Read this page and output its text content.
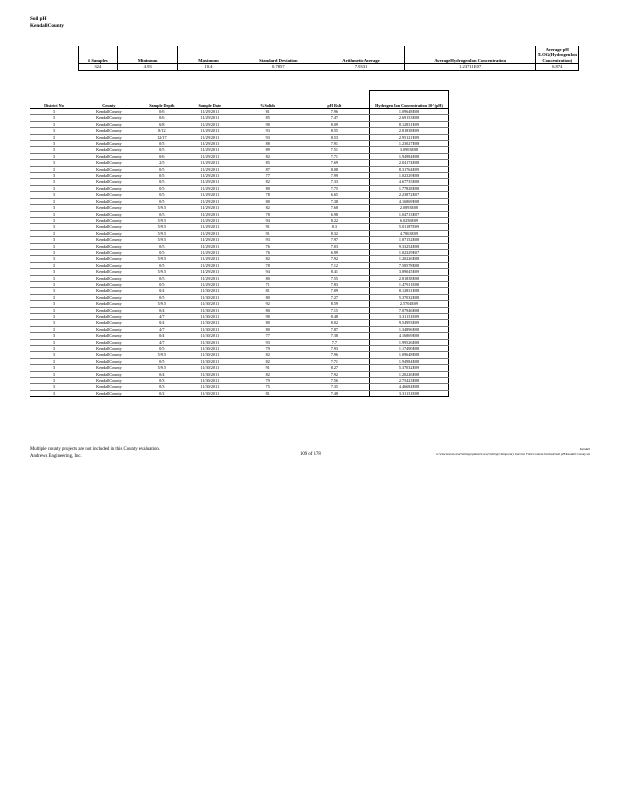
Soil pH
KendallCounty
	# Samples	Minimum	Maximum	Standard Deviation	ArithmeticAverage	AverageHydrogenIon Concentration	Average pH !LOG(HydrogenIon Concentration)
	324	4.93	10.4	0.7857	7.9331	1.23711E07	6.874
District No	County	Sample Depth	Sample Date	%Solids	pH Rslt	Hydrogen Ion Concentration 10^(pH)
3	KendallCounty	0/6	11/29/2011	81	7.96	1.09648E08
3	KendallCounty	0/6	11/29/2011	85	7.47	2.69153E08
3	KendallCounty	6/8	11/29/2011	90	8.09	8.12831E09
3	KendallCounty	8/12	11/29/2011	93	8.55	2.81838E09
3	KendallCounty	12/17	11/29/2011	93	8.53	2.95121E09
3	KendallCounty	0/5	11/29/2011	88	7.91	1.23027E08
3	KendallCounty	0/5	11/29/2011	89	7.51	3.0903E08
3	KendallCounty	0/6	11/29/2011	82	7.71	1.94984E08
3	KendallCounty	2/5	11/29/2011	85	7.69	2.04174E08
3	KendallCounty	0/5	11/29/2011	87	8.08	8.31764E09
3	KendallCounty	0/5	11/29/2011	77	7.99	1.02329E08
3	KendallCounty	0/5	11/29/2011	82	7.33	4.67735E08
3	KendallCounty	0/5	11/29/2011	80	7.75	1.77828E08
3	KendallCounty	0/5	11/29/2011	78	6.65	2.23872E07
3	KendallCounty	0/5	11/29/2011	80	7.38	4.16869E08
3	KendallCounty	5/9.5	11/29/2011	82	7.68	2.0893E08
3	KendallCounty	0/5	11/29/2011	78	6.98	1.04713E07
3	KendallCounty	5/9.5	11/29/2011	94	8.22	6.0256E09
3	KendallCounty	5/9.5	11/29/2011	91	8.3	5.01187E09
3	KendallCounty	5/9.5	11/29/2011	91	8.32	4.7863E09
3	KendallCounty	5/9.5	11/29/2011	93	7.97	1.07152E08
3	KendallCounty	0/5	11/29/2011	76	7.03	9.33254E08
3	KendallCounty	0/5	11/29/2011	76	6.99	1.02329E07
3	KendallCounty	5/9.5	11/29/2011	82	7.92	1.20226E08
3	KendallCounty	0/5	11/29/2011	78	7.12	7.58578E08
3	KendallCounty	5/9.5	11/29/2011	94	8.41	3.89045E09
3	KendallCounty	0/5	11/29/2011	80	7.55	2.81838E08
3	KendallCounty	0/5	11/29/2011	71	7.83	1.47911E08
3	KendallCounty	0/4	11/30/2011	81	7.09	8.12831E08
3	KendallCounty	0/5	11/30/2011	80	7.27	5.37032E08
3	KendallCounty	5/9.5	11/30/2011	92	8.59	2.5704E09
3	KendallCounty	0/4	11/30/2011	80	7.15	7.07946E08
3	KendallCounty	4/7	11/30/2011	90	8.48	3.31131E09
3	KendallCounty	0/4	11/30/2011	80	8.02	9.54993E09
3	KendallCounty	4/7	11/30/2011	80	7.87	1.34896E08
3	KendallCounty	0/4	11/30/2011	77	7.38	4.16869E08
3	KendallCounty	4/7	11/30/2011	93	7.7	1.99526E08
3	KendallCounty	0/5	11/30/2011	79	7.93	1.17490E08
3	KendallCounty	5/9.5	11/30/2011	82	7.96	1.09648E08
3	KendallCounty	0/5	11/30/2011	82	7.71	1.94984E08
3	KendallCounty	5/9.5	11/30/2011	91	8.27	5.37032E09
3	KendallCounty	0/4	11/30/2011	82	7.92	1.20226E08
3	KendallCounty	0/3	11/30/2011	79	7.56	2.75423E08
3	KendallCounty	0/3	11/30/2011	75	7.35	4.46684E08
3	KendallCounty	0/2	11/30/2011	81	7.48	3.31131E08
Multiple county projects are not included in this County evaluation.
Andrews Engineering, Inc.	109 of 178
Kendall
G:\Documents and Settings\pdavis\Local Settings\Temporary Internet Files\Content.Outlook\Soil pH\Kendall County.xls
